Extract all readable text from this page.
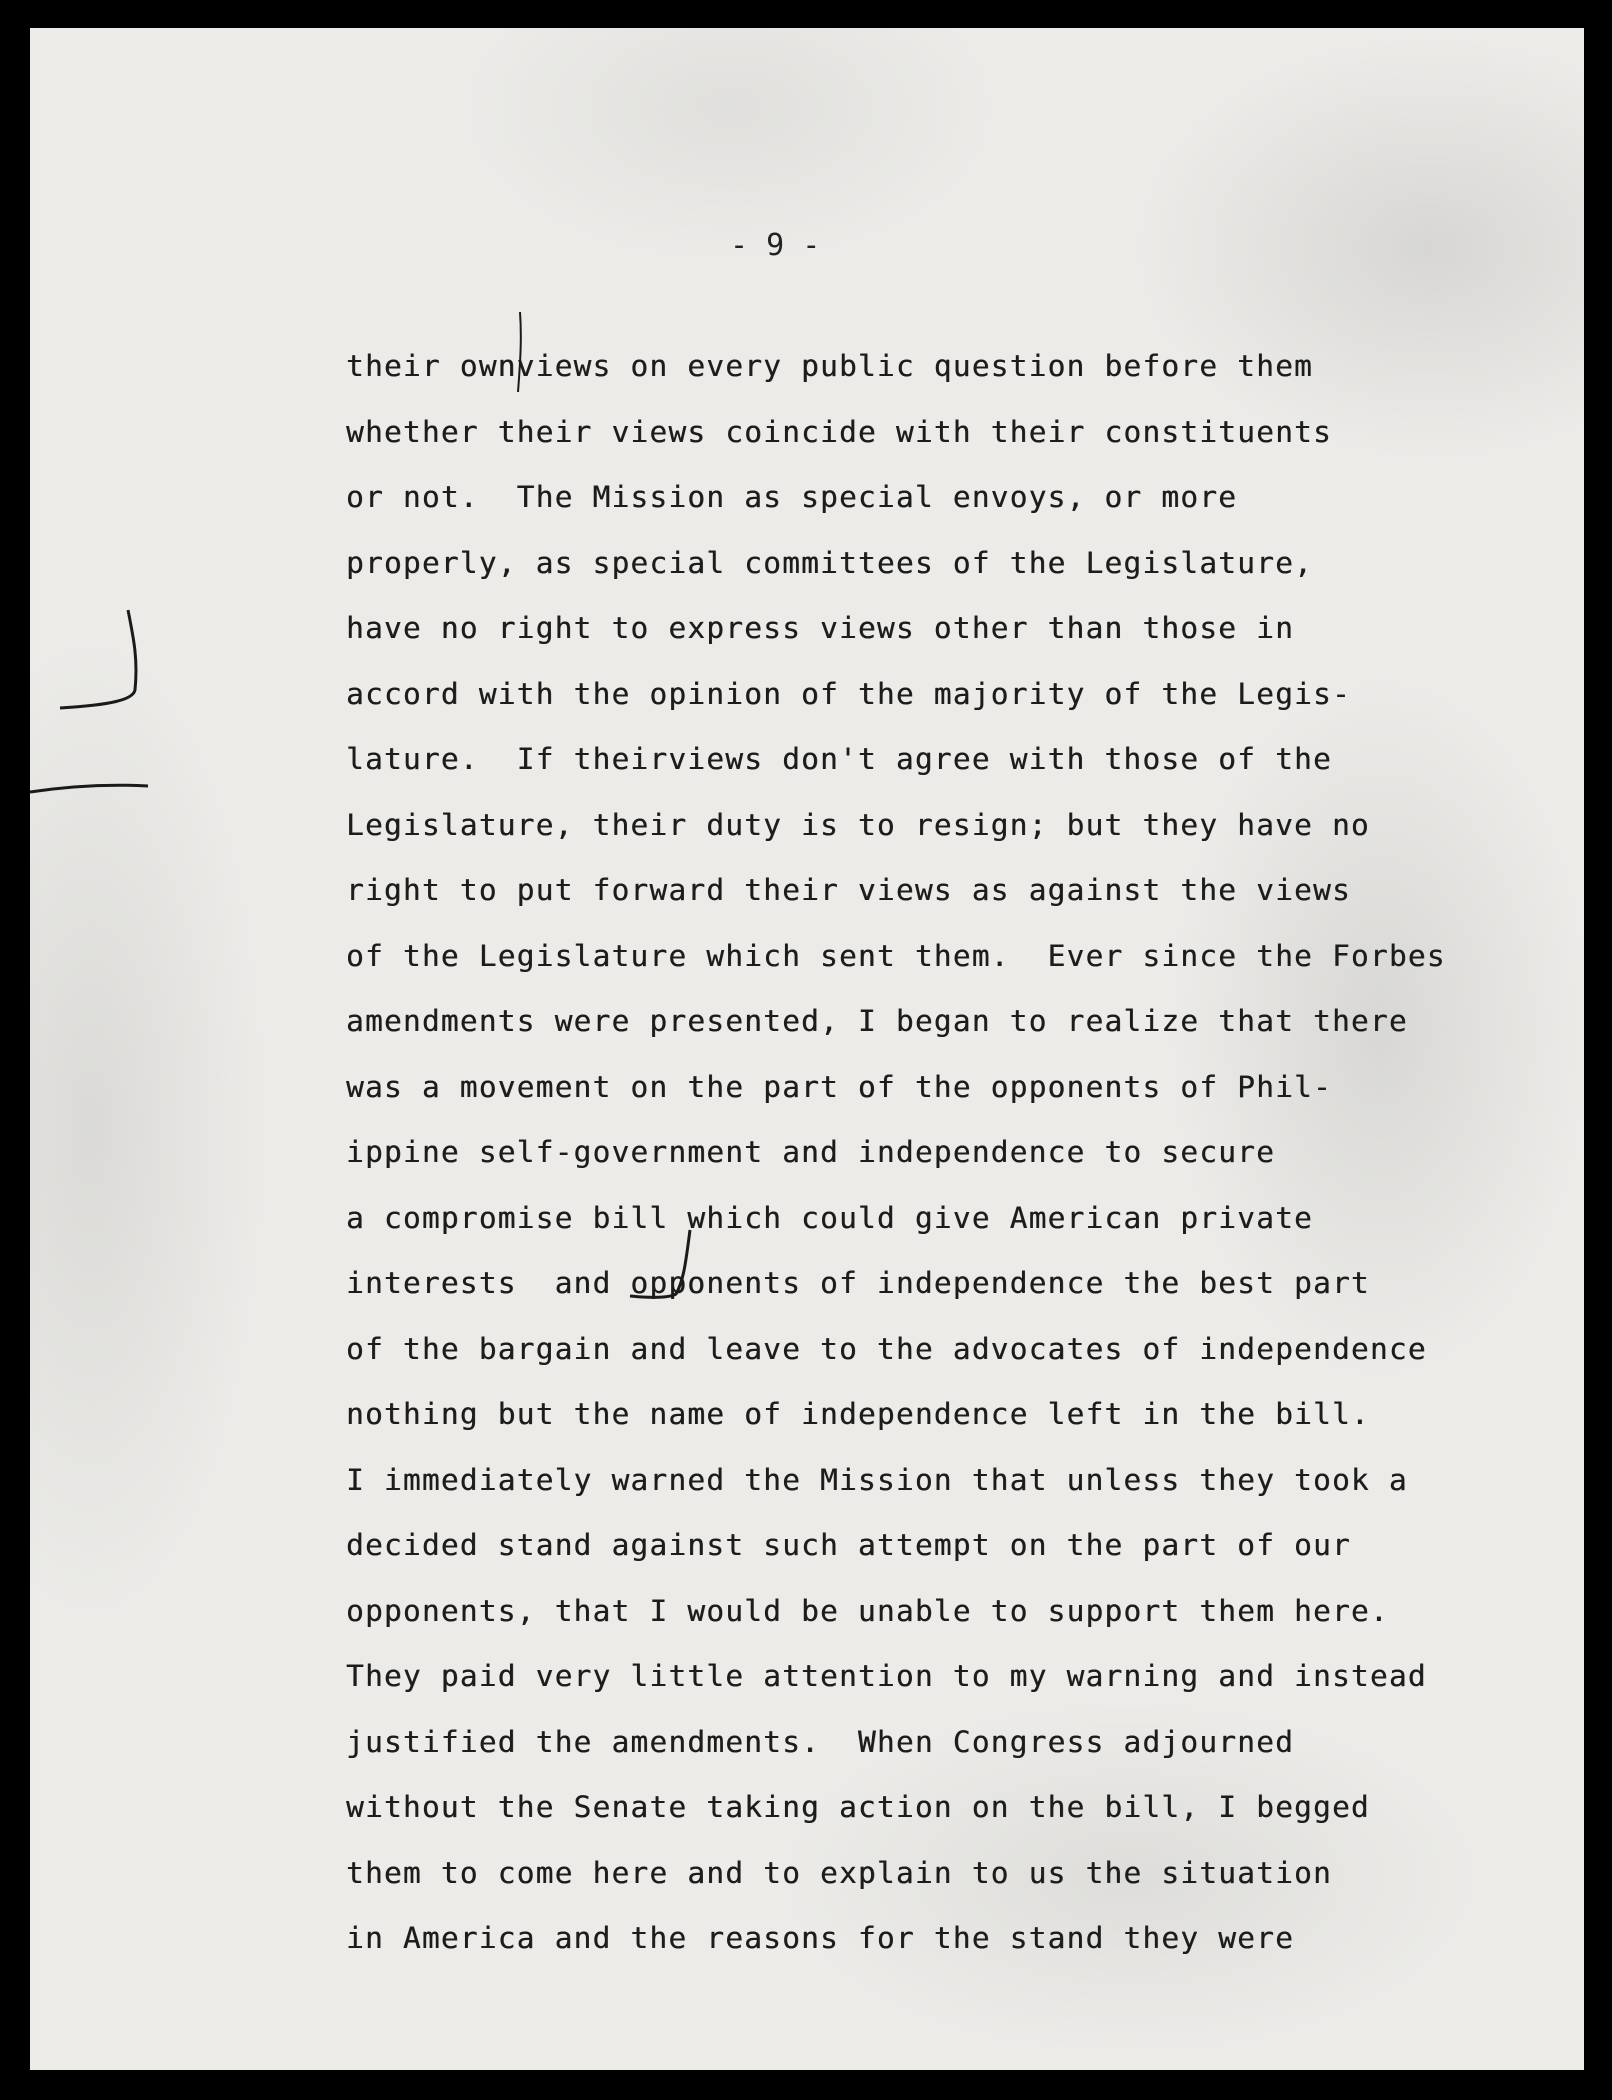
- 9 -
their ownviews on every public question before them
whether their views coincide with their constituents
or not.  The Mission as special envoys, or more
properly, as special committees of the Legislature,
have no right to express views other than those in
accord with the opinion of the majority of the Legis-
lature.  If theirviews don't agree with those of the
Legislature, their duty is to resign; but they have no
right to put forward their views as against the views
of the Legislature which sent them.  Ever since the Forbes
amendments were presented, I began to realize that there
was a movement on the part of the opponents of Phil-
ippine self-government and independence to secure
a compromise bill which could give American private
interests  and opponents of independence the best part
of the bargain and leave to the advocates of independence
nothing but the name of independence left in the bill.
I immediately warned the Mission that unless they took a
decided stand against such attempt on the part of our
opponents, that I would be unable to support them here.
They paid very little attention to my warning and instead
justified the amendments.  When Congress adjourned
without the Senate taking action on the bill, I begged
them to come here and to explain to us the situation
in America and the reasons for the stand they were
